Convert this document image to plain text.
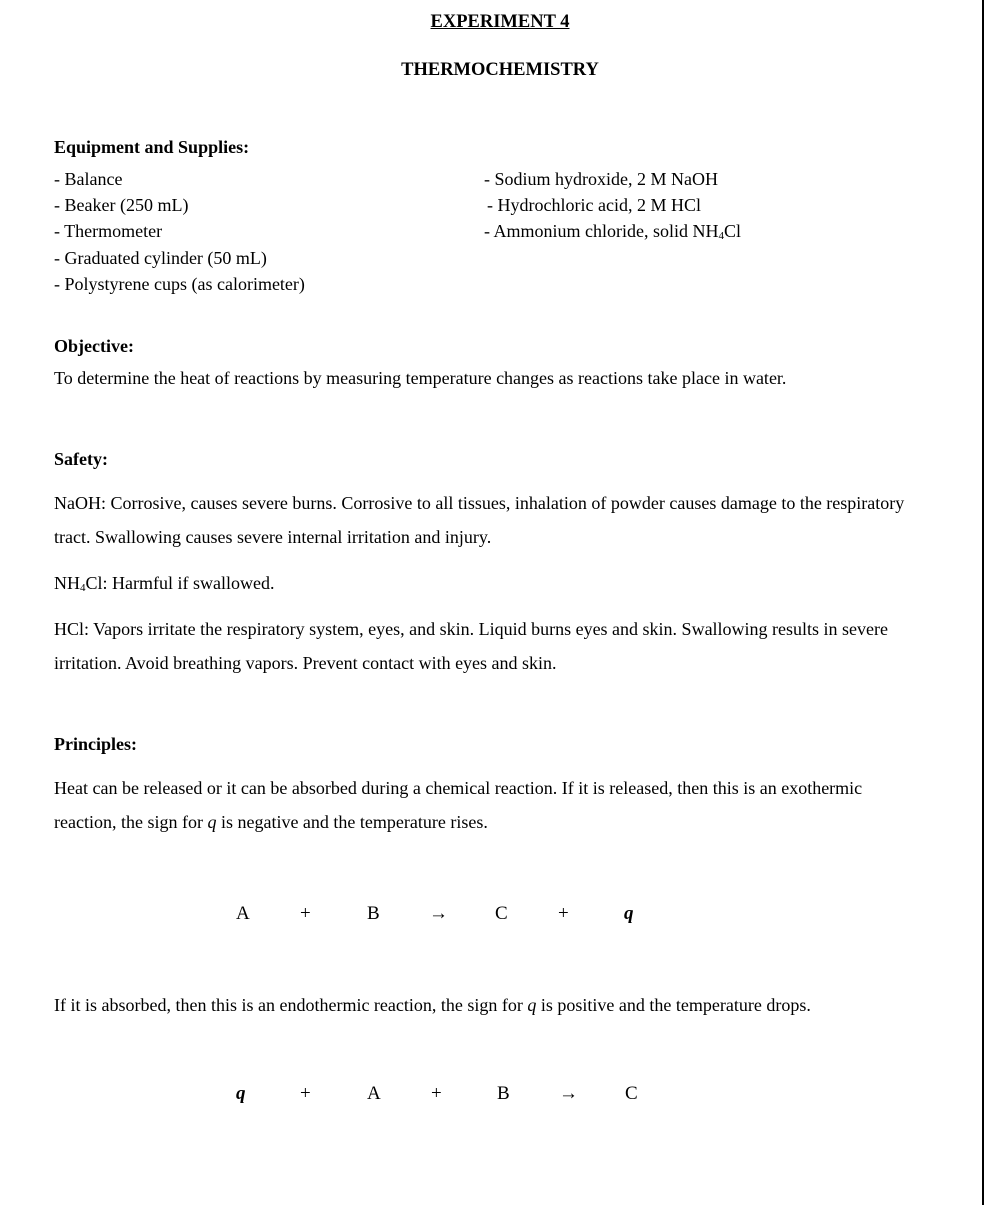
EXPERIMENT 4
THERMOCHEMISTRY
Equipment and Supplies:
- Balance
- Beaker (250 mL)
- Thermometer
- Graduated cylinder (50 mL)
- Polystyrene cups (as calorimeter)
- Sodium hydroxide, 2 M NaOH
- Hydrochloric acid, 2 M HCl
- Ammonium chloride, solid $NH_4Cl$
Objective:
To determine the heat of reactions by measuring temperature changes as reactions take place in water.
Safety:
NaOH: Corrosive, causes severe burns. Corrosive to all tissues, inhalation of powder causes damage to the respiratory tract. Swallowing causes severe internal irritation and injury.
$NH_4Cl$: Harmful if swallowed.
HCl: Vapors irritate the respiratory system, eyes, and skin. Liquid burns eyes and skin. Swallowing results in severe irritation. Avoid breathing vapors. Prevent contact with eyes and skin.
Principles:
Heat can be released or it can be absorbed during a chemical reaction. If it is released, then this is an exothermic reaction, the sign for q is negative and the temperature rises.
A	+	B	→ C	+	q
If it is absorbed, then this is an endothermic reaction, the sign for q is positive and the temperature drops.
q	+	A	+	B	→ C
